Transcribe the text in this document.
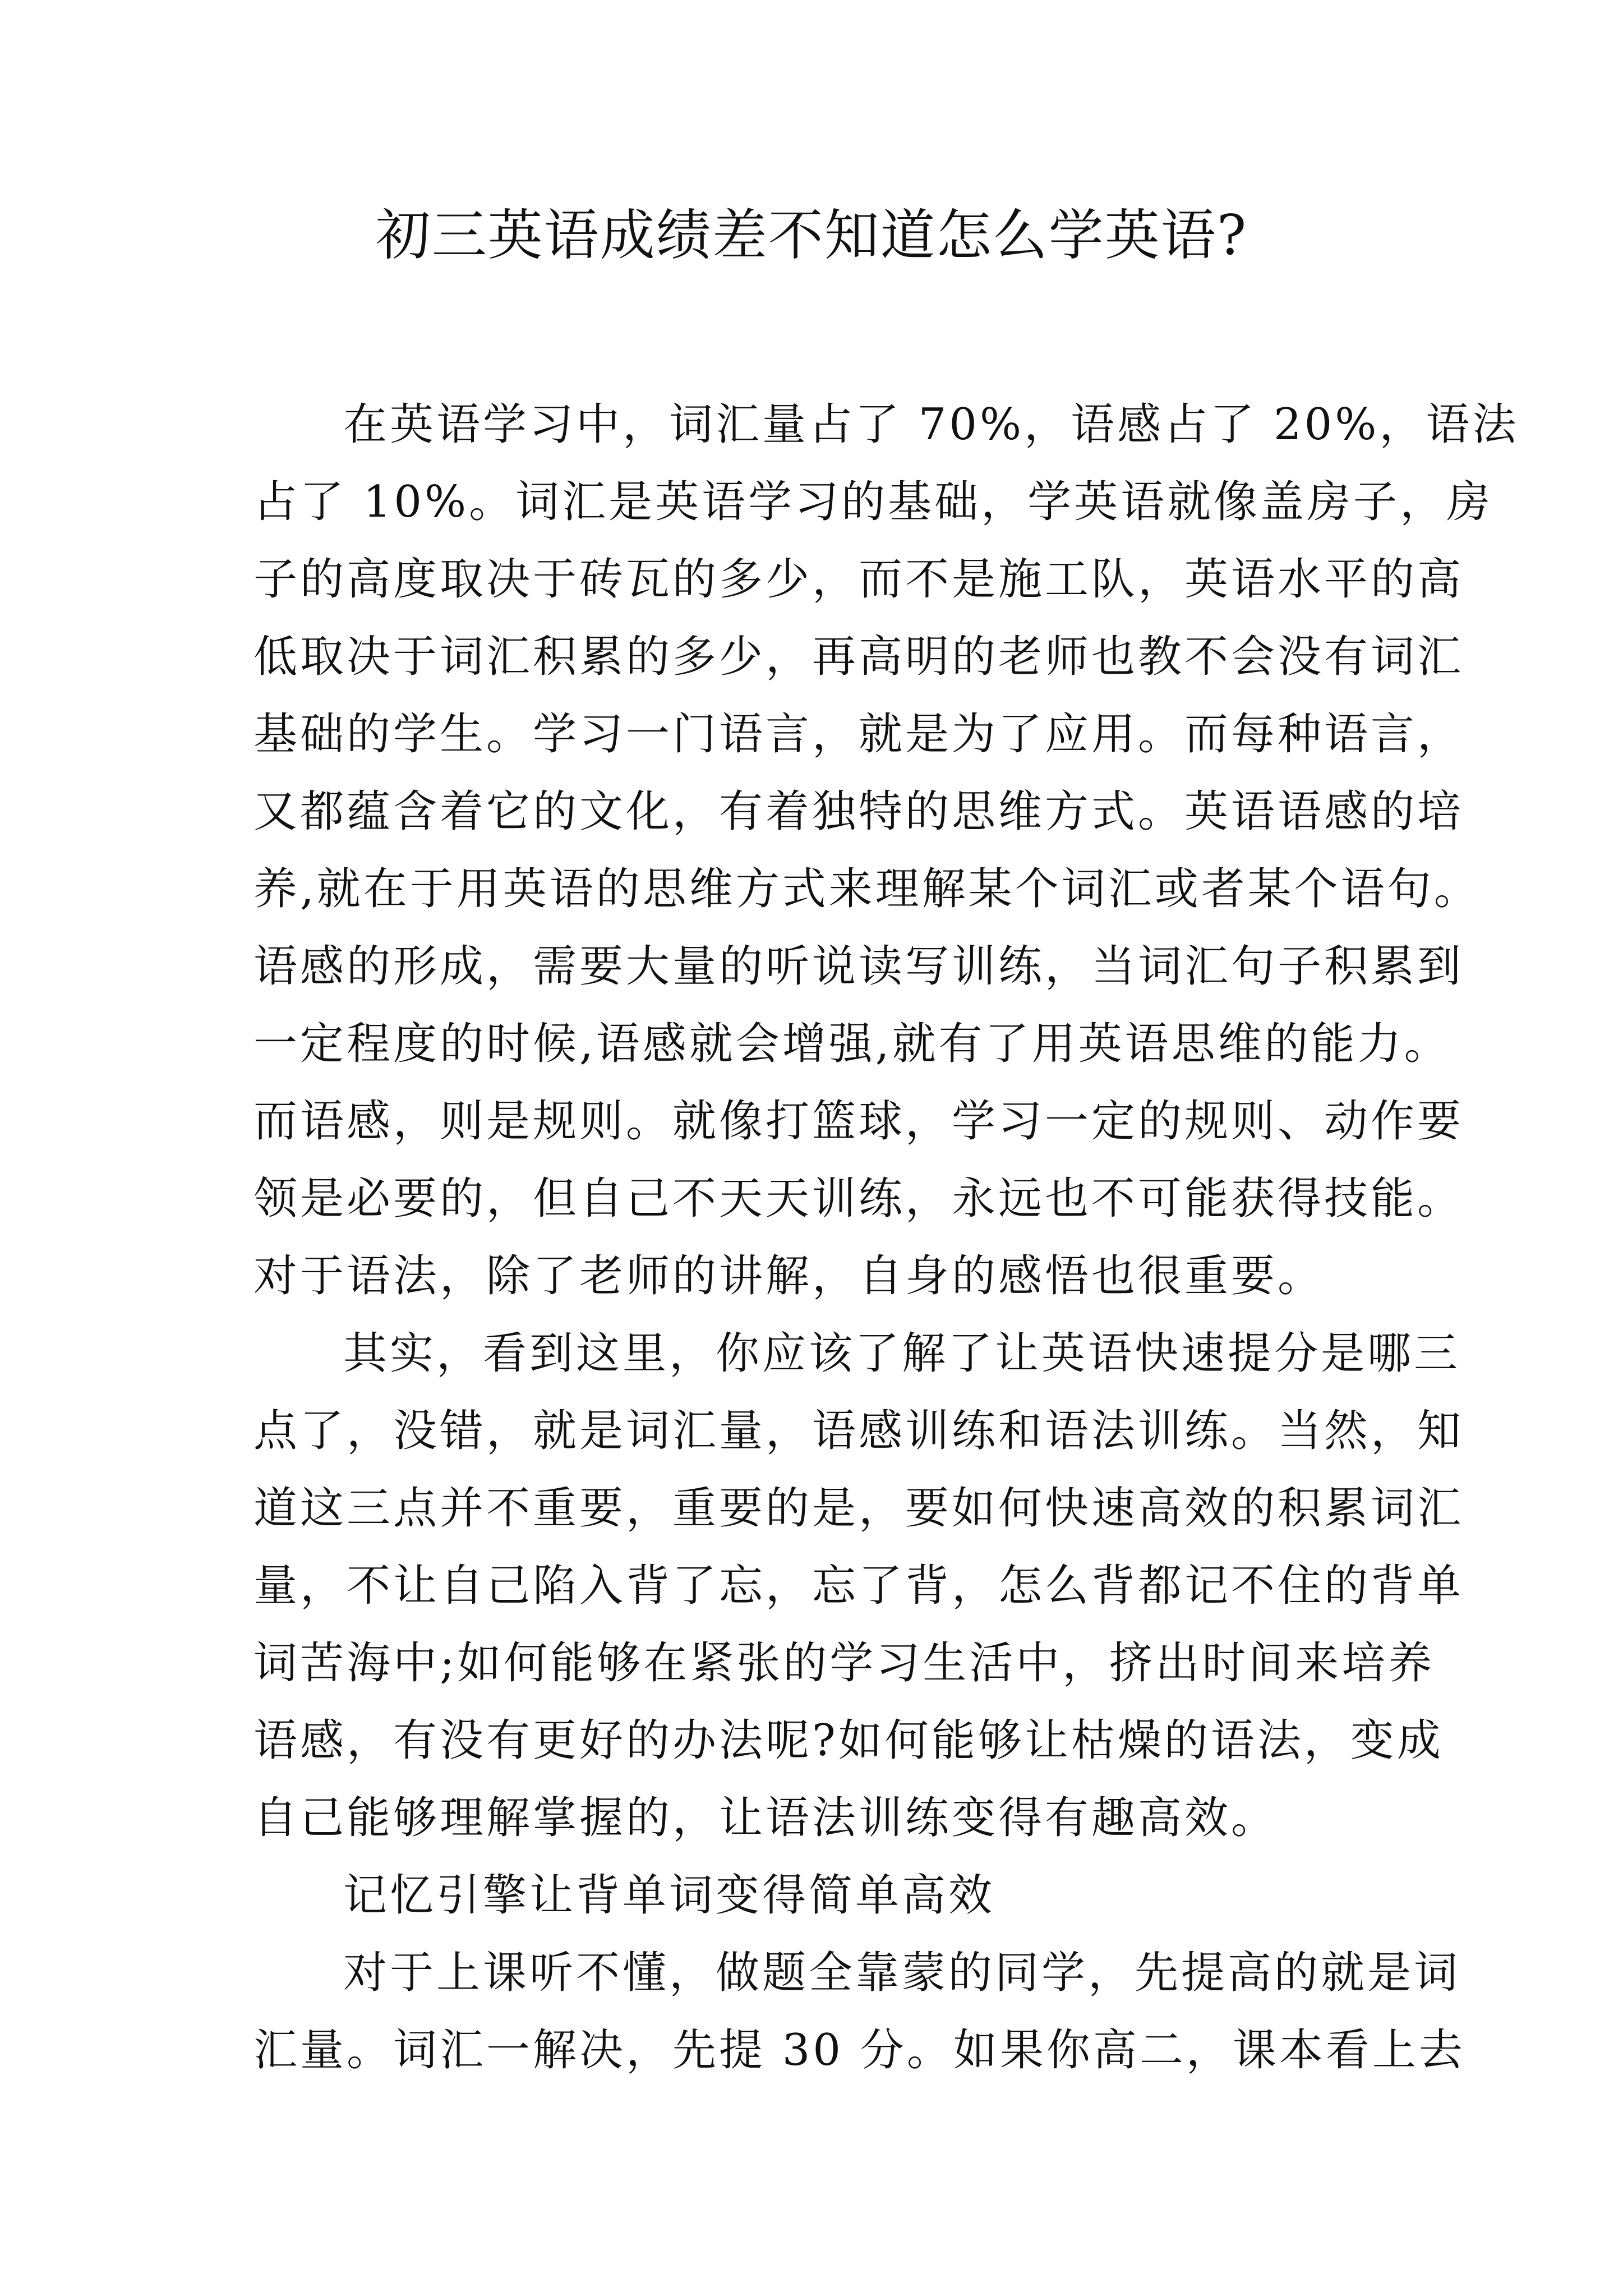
初三英语成绩差不知道怎么学英语?
在英语学习中，词汇量占了 70%，语感占了 20%，语法
占了 10%。词汇是英语学习的基础，学英语就像盖房子，房
子的高度取决于砖瓦的多少，而不是施工队，英语水平的高
低取决于词汇积累的多少，再高明的老师也教不会没有词汇
基础的学生。学习一门语言，就是为了应用。而每种语言，
又都蕴含着它的文化，有着独特的思维方式。英语语感的培
养,就在于用英语的思维方式来理解某个词汇或者某个语句。
语感的形成，需要大量的听说读写训练，当词汇句子积累到
一定程度的时候,语感就会增强,就有了用英语思维的能力。
而语感，则是规则。就像打篮球，学习一定的规则、动作要
领是必要的，但自己不天天训练，永远也不可能获得技能。
对于语法，除了老师的讲解，自身的感悟也很重要。
其实，看到这里，你应该了解了让英语快速提分是哪三
点了，没错，就是词汇量，语感训练和语法训练。当然，知
道这三点并不重要，重要的是，要如何快速高效的积累词汇
量，不让自己陷入背了忘，忘了背，怎么背都记不住的背单
词苦海中;如何能够在紧张的学习生活中，挤出时间来培养
语感，有没有更好的办法呢?如何能够让枯燥的语法，变成
自己能够理解掌握的，让语法训练变得有趣高效。
记忆引擎让背单词变得简单高效
对于上课听不懂，做题全靠蒙的同学，先提高的就是词
汇量。词汇一解决，先提 30 分。如果你高二，课本看上去
